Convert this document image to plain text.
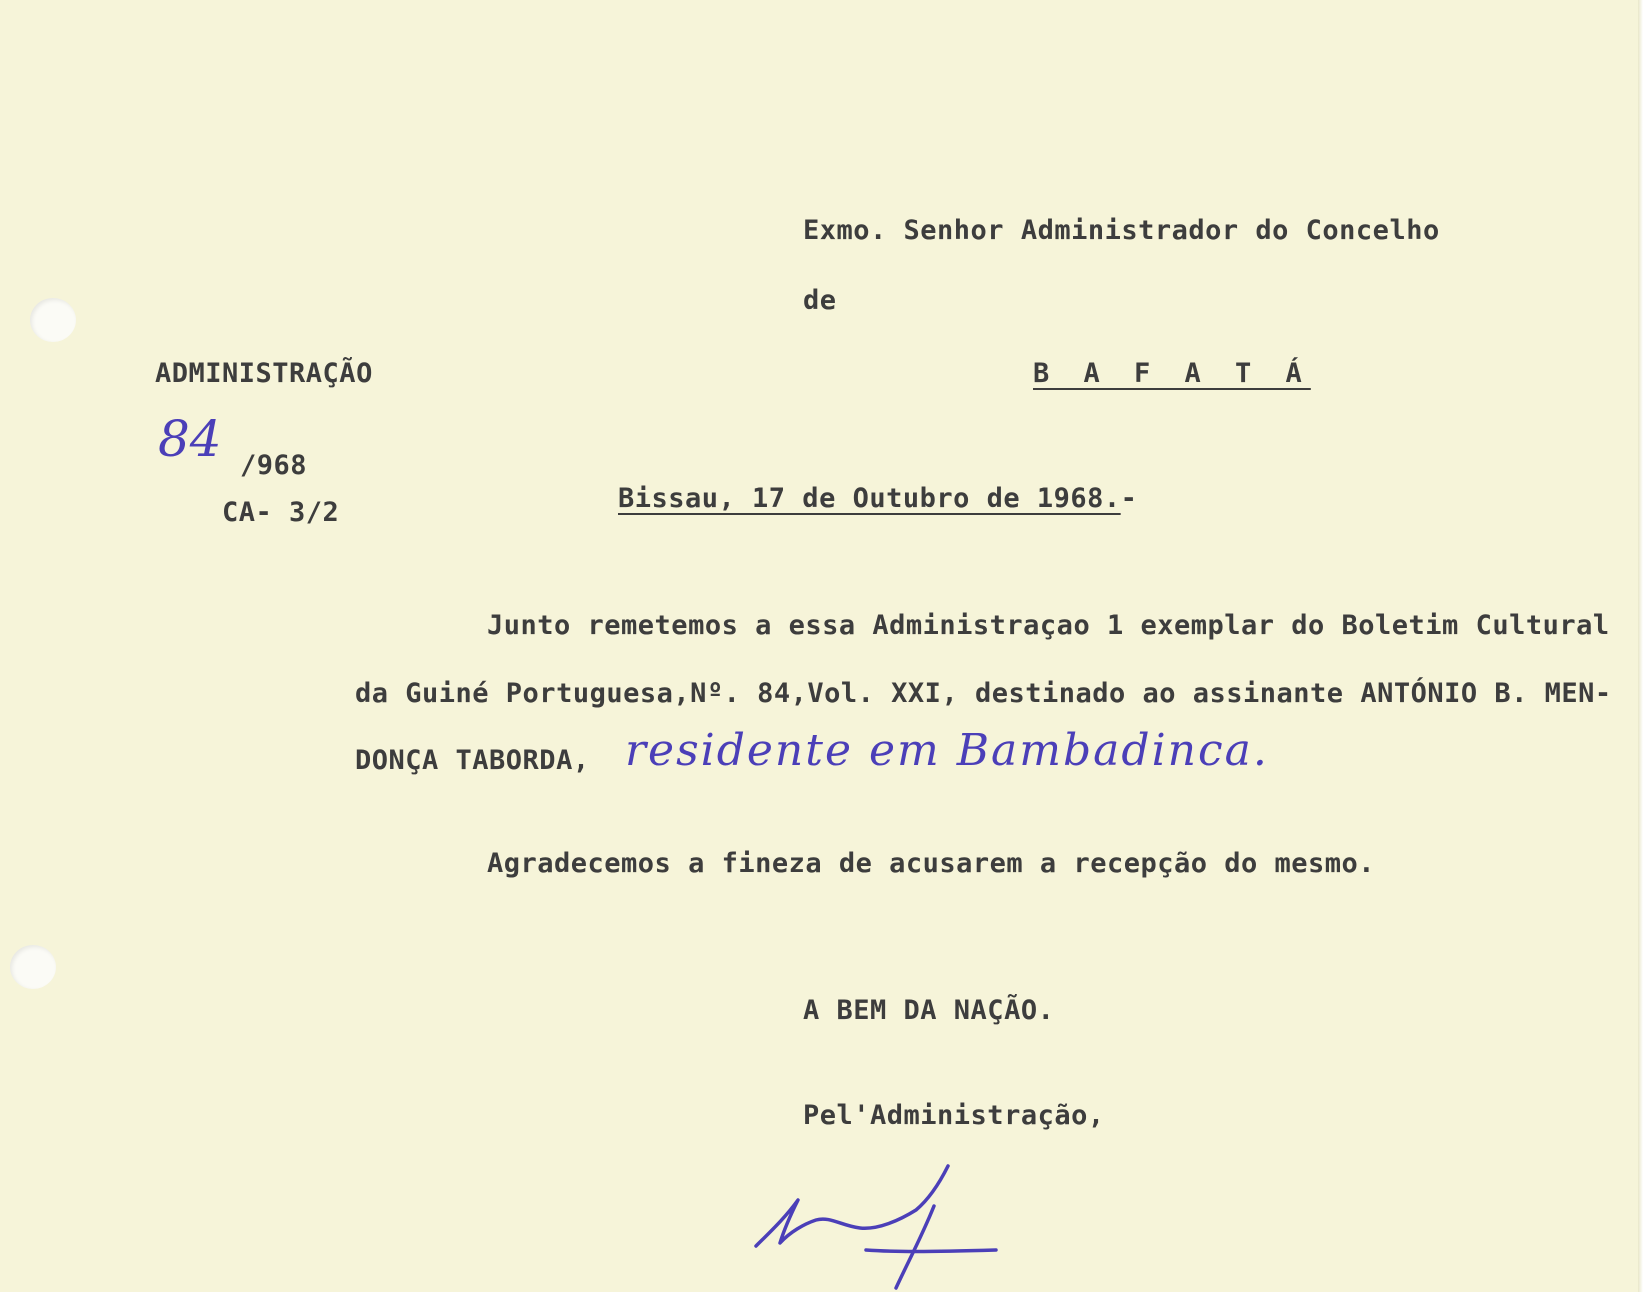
Exmo. Senhor Administrador do Concelho
de
B A F A T Á
ADMINISTRAÇÃO
84 /968
CA- 3/2	Bissau, 17 de Outubro de 1968.-
Junto remetemos a essa Administraçao 1 exemplar do Boletim Cultural
da Guiné Portuguesa,Nº. 84,Vol. XXI, destinado ao assinante ANTÓNIO B. MEN-
DONÇA TABORDA, residente em Bambadinca.
Agradecemos a fineza de acusarem a recepção do mesmo.
A BEM DA NAÇÃO.
Pel'Administração,
